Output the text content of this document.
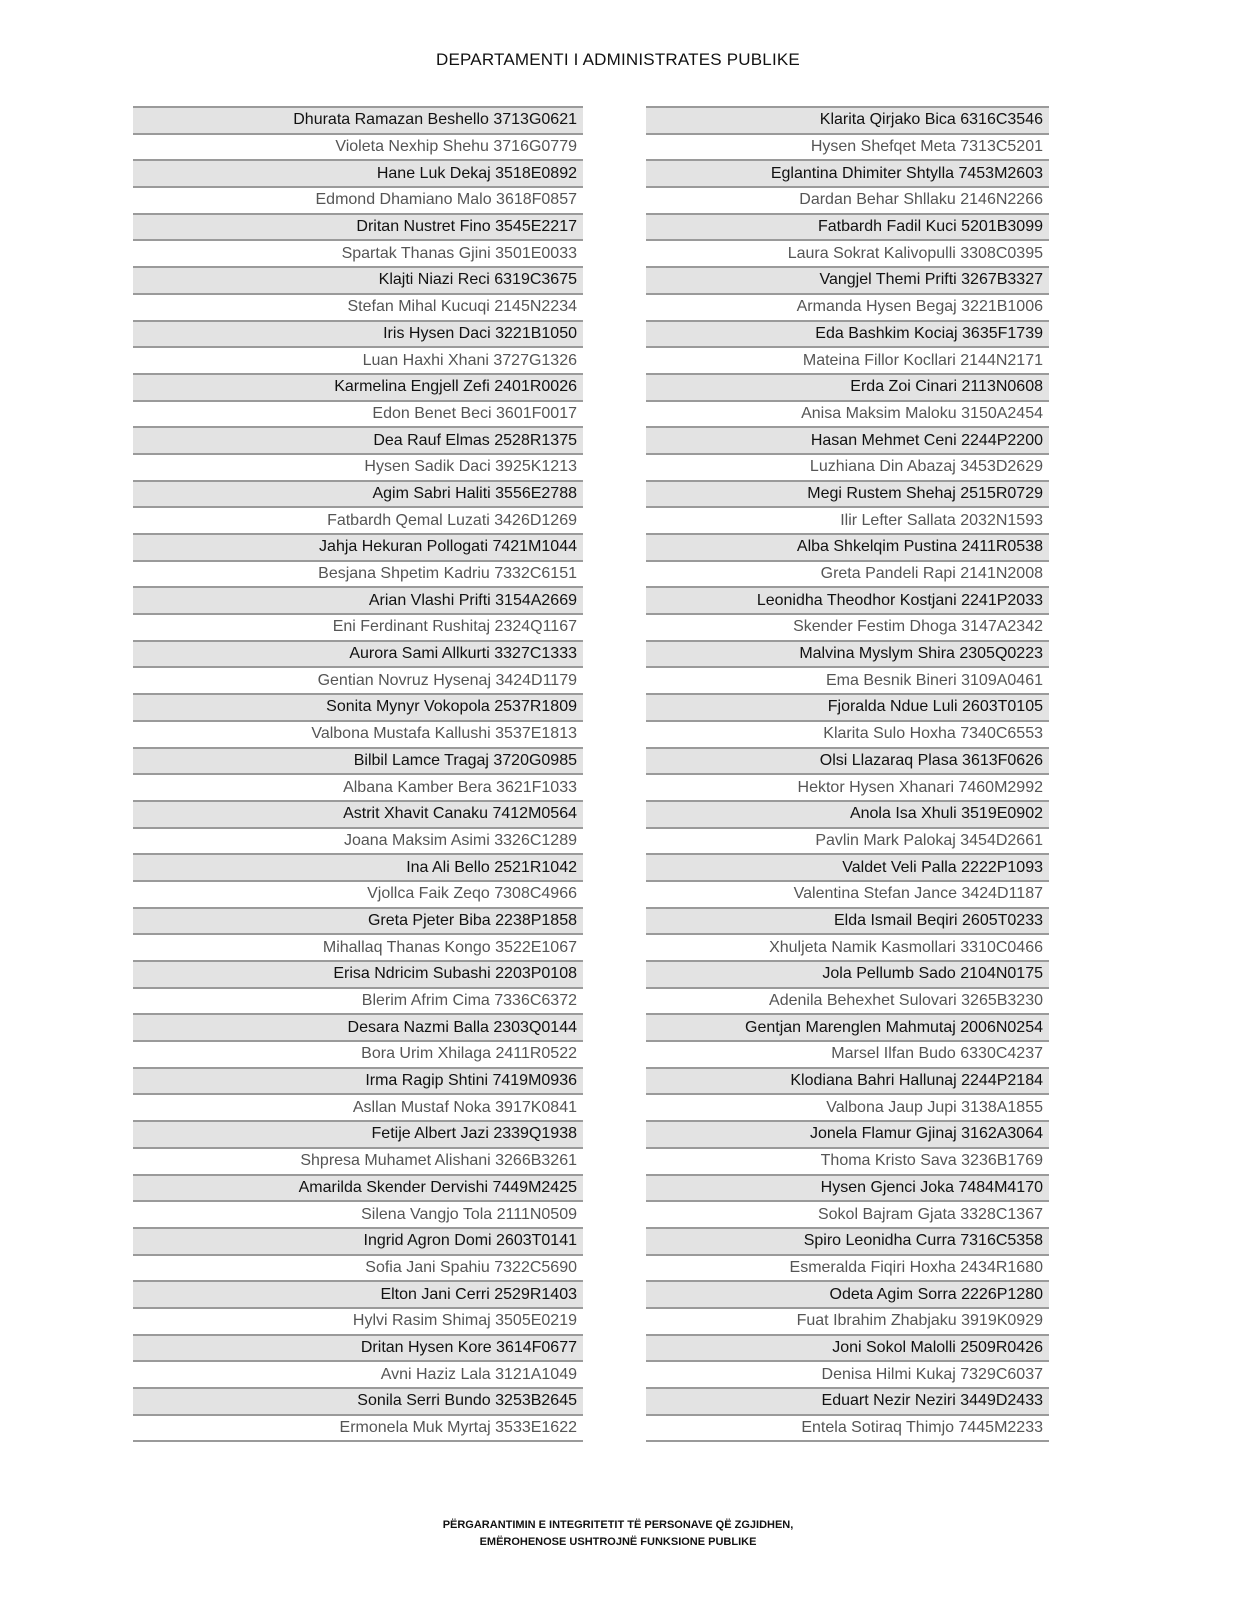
DEPARTAMENTI I ADMINISTRATES PUBLIKE
Dhurata Ramazan Beshello 3713G0621
Violeta Nexhip Shehu 3716G0779
Hane Luk Dekaj 3518E0892
Edmond Dhamiano Malo 3618F0857
Dritan Nustret Fino 3545E2217
Spartak Thanas Gjini 3501E0033
Klajti Niazi Reci 6319C3675
Stefan Mihal Kucuqi 2145N2234
Iris Hysen Daci 3221B1050
Luan Haxhi Xhani 3727G1326
Karmelina Engjell Zefi 2401R0026
Edon Benet Beci 3601F0017
Dea Rauf Elmas 2528R1375
Hysen Sadik Daci 3925K1213
Agim Sabri Haliti 3556E2788
Fatbardh Qemal Luzati 3426D1269
Jahja Hekuran Pollogati 7421M1044
Besjana Shpetim Kadriu 7332C6151
Arian Vlashi Prifti 3154A2669
Eni Ferdinant Rushitaj 2324Q1167
Aurora Sami Allkurti 3327C1333
Gentian Novruz Hysenaj 3424D1179
Sonita Mynyr Vokopola 2537R1809
Valbona Mustafa Kallushi 3537E1813
Bilbil Lamce Tragaj 3720G0985
Albana Kamber Bera 3621F1033
Astrit Xhavit Canaku 7412M0564
Joana Maksim Asimi 3326C1289
Ina Ali Bello 2521R1042
Vjollca Faik Zeqo 7308C4966
Greta Pjeter Biba 2238P1858
Mihallaq Thanas Kongo 3522E1067
Erisa Ndricim Subashi 2203P0108
Blerim Afrim Cima 7336C6372
Desara Nazmi Balla 2303Q0144
Bora Urim Xhilaga 2411R0522
Irma Ragip Shtini 7419M0936
Asllan Mustaf Noka 3917K0841
Fetije Albert Jazi 2339Q1938
Shpresa Muhamet Alishani 3266B3261
Amarilda Skender Dervishi 7449M2425
Silena Vangjo Tola 2111N0509
Ingrid Agron Domi 2603T0141
Sofia Jani Spahiu 7322C5690
Elton Jani Cerri 2529R1403
Hylvi Rasim Shimaj 3505E0219
Dritan Hysen Kore 3614F0677
Avni Haziz Lala 3121A1049
Sonila Serri Bundo 3253B2645
Ermonela Muk Myrtaj 3533E1622
Klarita Qirjako Bica 6316C3546
Hysen Shefqet Meta 7313C5201
Eglantina Dhimiter Shtylla 7453M2603
Dardan Behar Shllaku 2146N2266
Fatbardh Fadil Kuci 5201B3099
Laura Sokrat Kalivopulli 3308C0395
Vangjel Themi Prifti 3267B3327
Armanda Hysen Begaj 3221B1006
Eda Bashkim Kociaj 3635F1739
Mateina Fillor Kocllari 2144N2171
Erda Zoi Cinari 2113N0608
Anisa Maksim Maloku 3150A2454
Hasan Mehmet Ceni 2244P2200
Luzhiana Din Abazaj 3453D2629
Megi Rustem Shehaj 2515R0729
Ilir Lefter Sallata 2032N1593
Alba Shkelqim Pustina 2411R0538
Greta Pandeli Rapi 2141N2008
Leonidha Theodhor Kostjani 2241P2033
Skender Festim Dhoga 3147A2342
Malvina Myslym Shira 2305Q0223
Ema Besnik Bineri 3109A0461
Fjoralda Ndue Luli 2603T0105
Klarita Sulo Hoxha 7340C6553
Olsi Llazaraq Plasa 3613F0626
Hektor Hysen Xhanari 7460M2992
Anola Isa Xhuli 3519E0902
Pavlin Mark Palokaj 3454D2661
Valdet Veli Palla 2222P1093
Valentina Stefan Jance 3424D1187
Elda Ismail Beqiri 2605T0233
Xhuljeta Namik Kasmollari 3310C0466
Jola Pellumb Sado 2104N0175
Adenila Behexhet Sulovari 3265B3230
Gentjan Marenglen Mahmutaj 2006N0254
Marsel Ilfan Budo 6330C4237
Klodiana Bahri Hallunaj 2244P2184
Valbona Jaup Jupi 3138A1855
Jonela Flamur Gjinaj 3162A3064
Thoma Kristo Sava 3236B1769
Hysen Gjenci Joka 7484M4170
Sokol Bajram Gjata 3328C1367
Spiro Leonidha Curra 7316C5358
Esmeralda Fiqiri Hoxha 2434R1680
Odeta Agim Sorra 2226P1280
Fuat Ibrahim Zhabjaku 3919K0929
Joni Sokol Malolli 2509R0426
Denisa Hilmi Kukaj 7329C6037
Eduart Nezir Neziri 3449D2433
Entela Sotiraq Thimjo 7445M2233
PËRGARANTIMIN E INTEGRITETIT TË PERSONAVE QË ZGJIDHEN,
EMËROHENOSE USHTROJNË FUNKSIONE PUBLIKE
